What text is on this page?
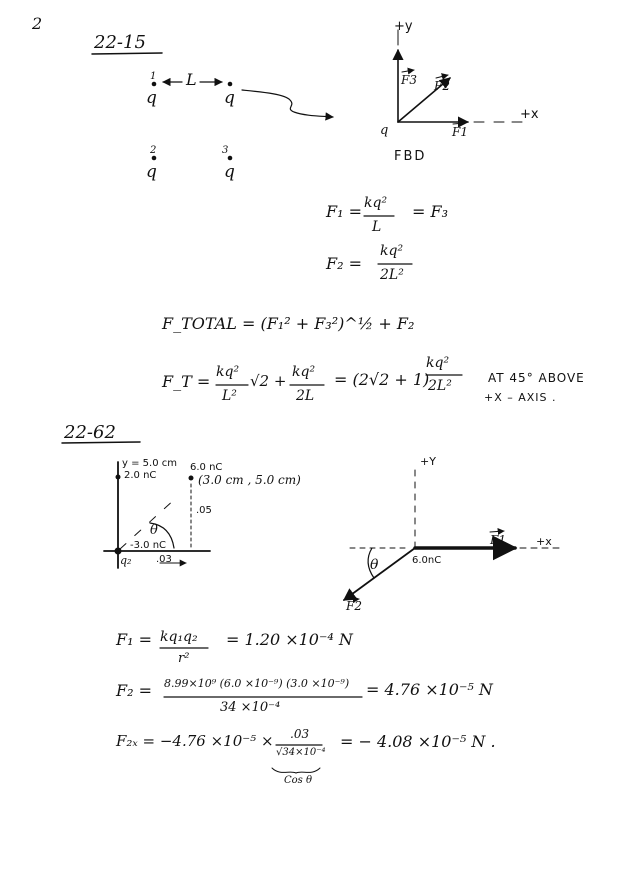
2
22-15
1 L
q	q
2	3
q	q
+y
+x
F3 F2
F1
q
FBD
F₁ = kq²
L
= F₃
F₂ =
kq²
2L²
F_TOTAL = (F₁² + F₃²)^½ + F₂
F_T = kq²
L²
√2 + kq²
2L
= (2√2 + 1)
kq²
2L²	AT 45° ABOVE
+X – AXIS .
22-62
y = 5.0 cm
2.0 nC
6.0 nC
(3.0 cm , 5.0 cm)
.05
θ
-3.0 nC
q₂ .03
+Y
+x
F1
F2
θ	6.0nC
F₁ = kq₁q₂
r²
= 1.20 ×10⁻⁴ N
F₂ = 8.99×10⁹ (6.0 ×10⁻⁹) (3.0 ×10⁻⁹)
34 ×10⁻⁴
= 4.76 ×10⁻⁵ N
F₂ₓ = −4.76 ×10⁻⁵ × .03
√34×10⁻⁴
Cos θ
= − 4.08 ×10⁻⁵ N .
